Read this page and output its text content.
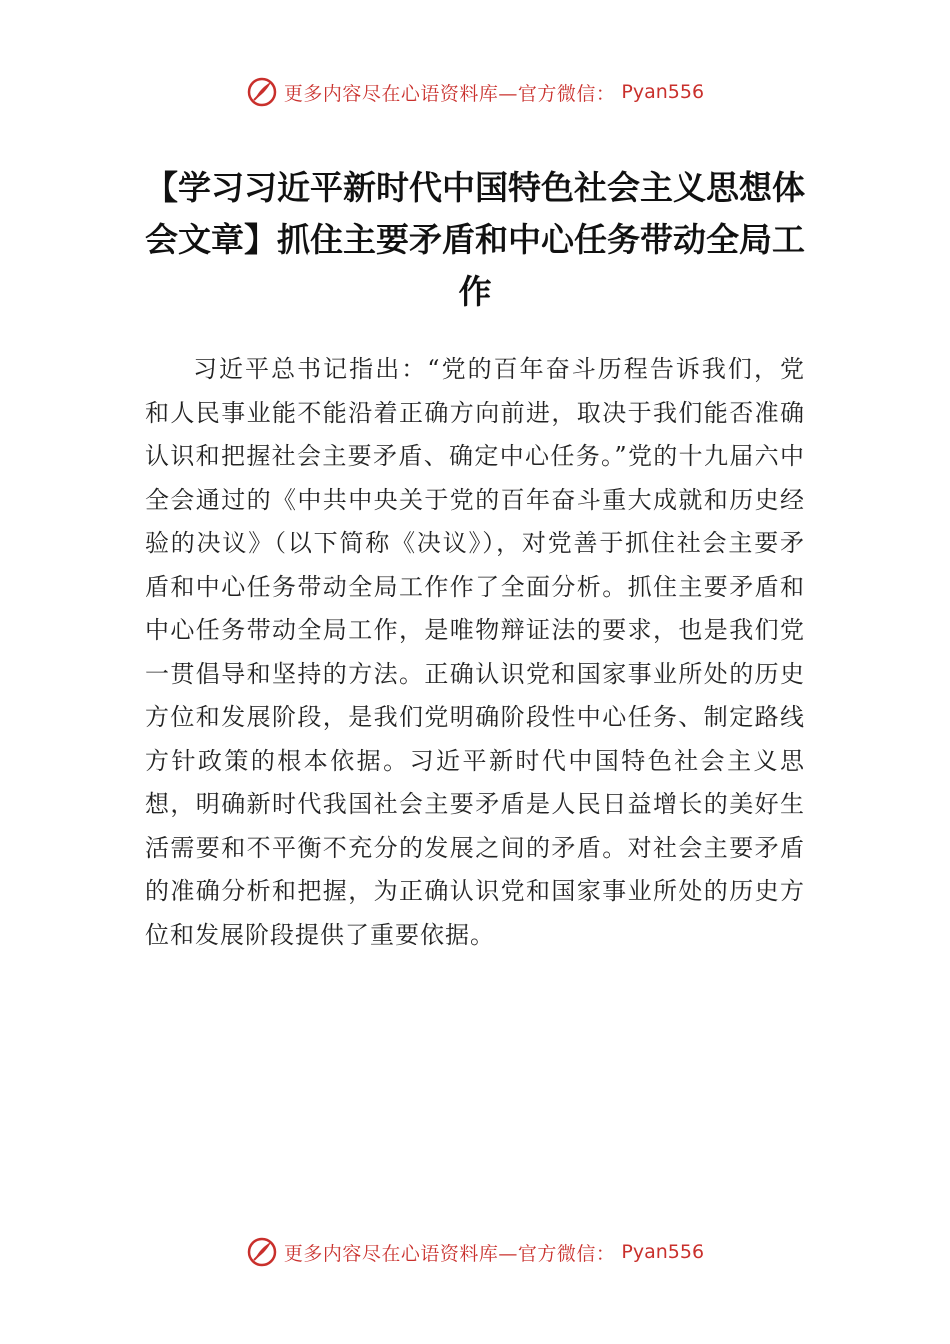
更多内容尽在心语资料库—官方微信： Pyan556
【学习习近平新时代中国特色社会主义思想体会文章】抓住主要矛盾和中心任务带动全局工作
习近平总书记指出：“党的百年奋斗历程告诉我们，党和人民事业能不能沿着正确方向前进，取决于我们能否准确认识和把握社会主要矛盾、确定中心任务。”党的十九届六中全会通过的《中共中央关于党的百年奋斗重大成就和历史经验的决议》（以下简称《决议》），对党善于抓住社会主要矛盾和中心任务带动全局工作作了全面分析。抓住主要矛盾和中心任务带动全局工作，是唯物辩证法的要求，也是我们党一贯倡导和坚持的方法。正确认识党和国家事业所处的历史方位和发展阶段，是我们党明确阶段性中心任务、制定路线方针政策的根本依据。习近平新时代中国特色社会主义思想，明确新时代我国社会主要矛盾是人民日益增长的美好生活需要和不平衡不充分的发展之间的矛盾。对社会主要矛盾的准确分析和把握，为正确认识党和国家事业所处的历史方位和发展阶段提供了重要依据。
更多内容尽在心语资料库—官方微信： Pyan556
